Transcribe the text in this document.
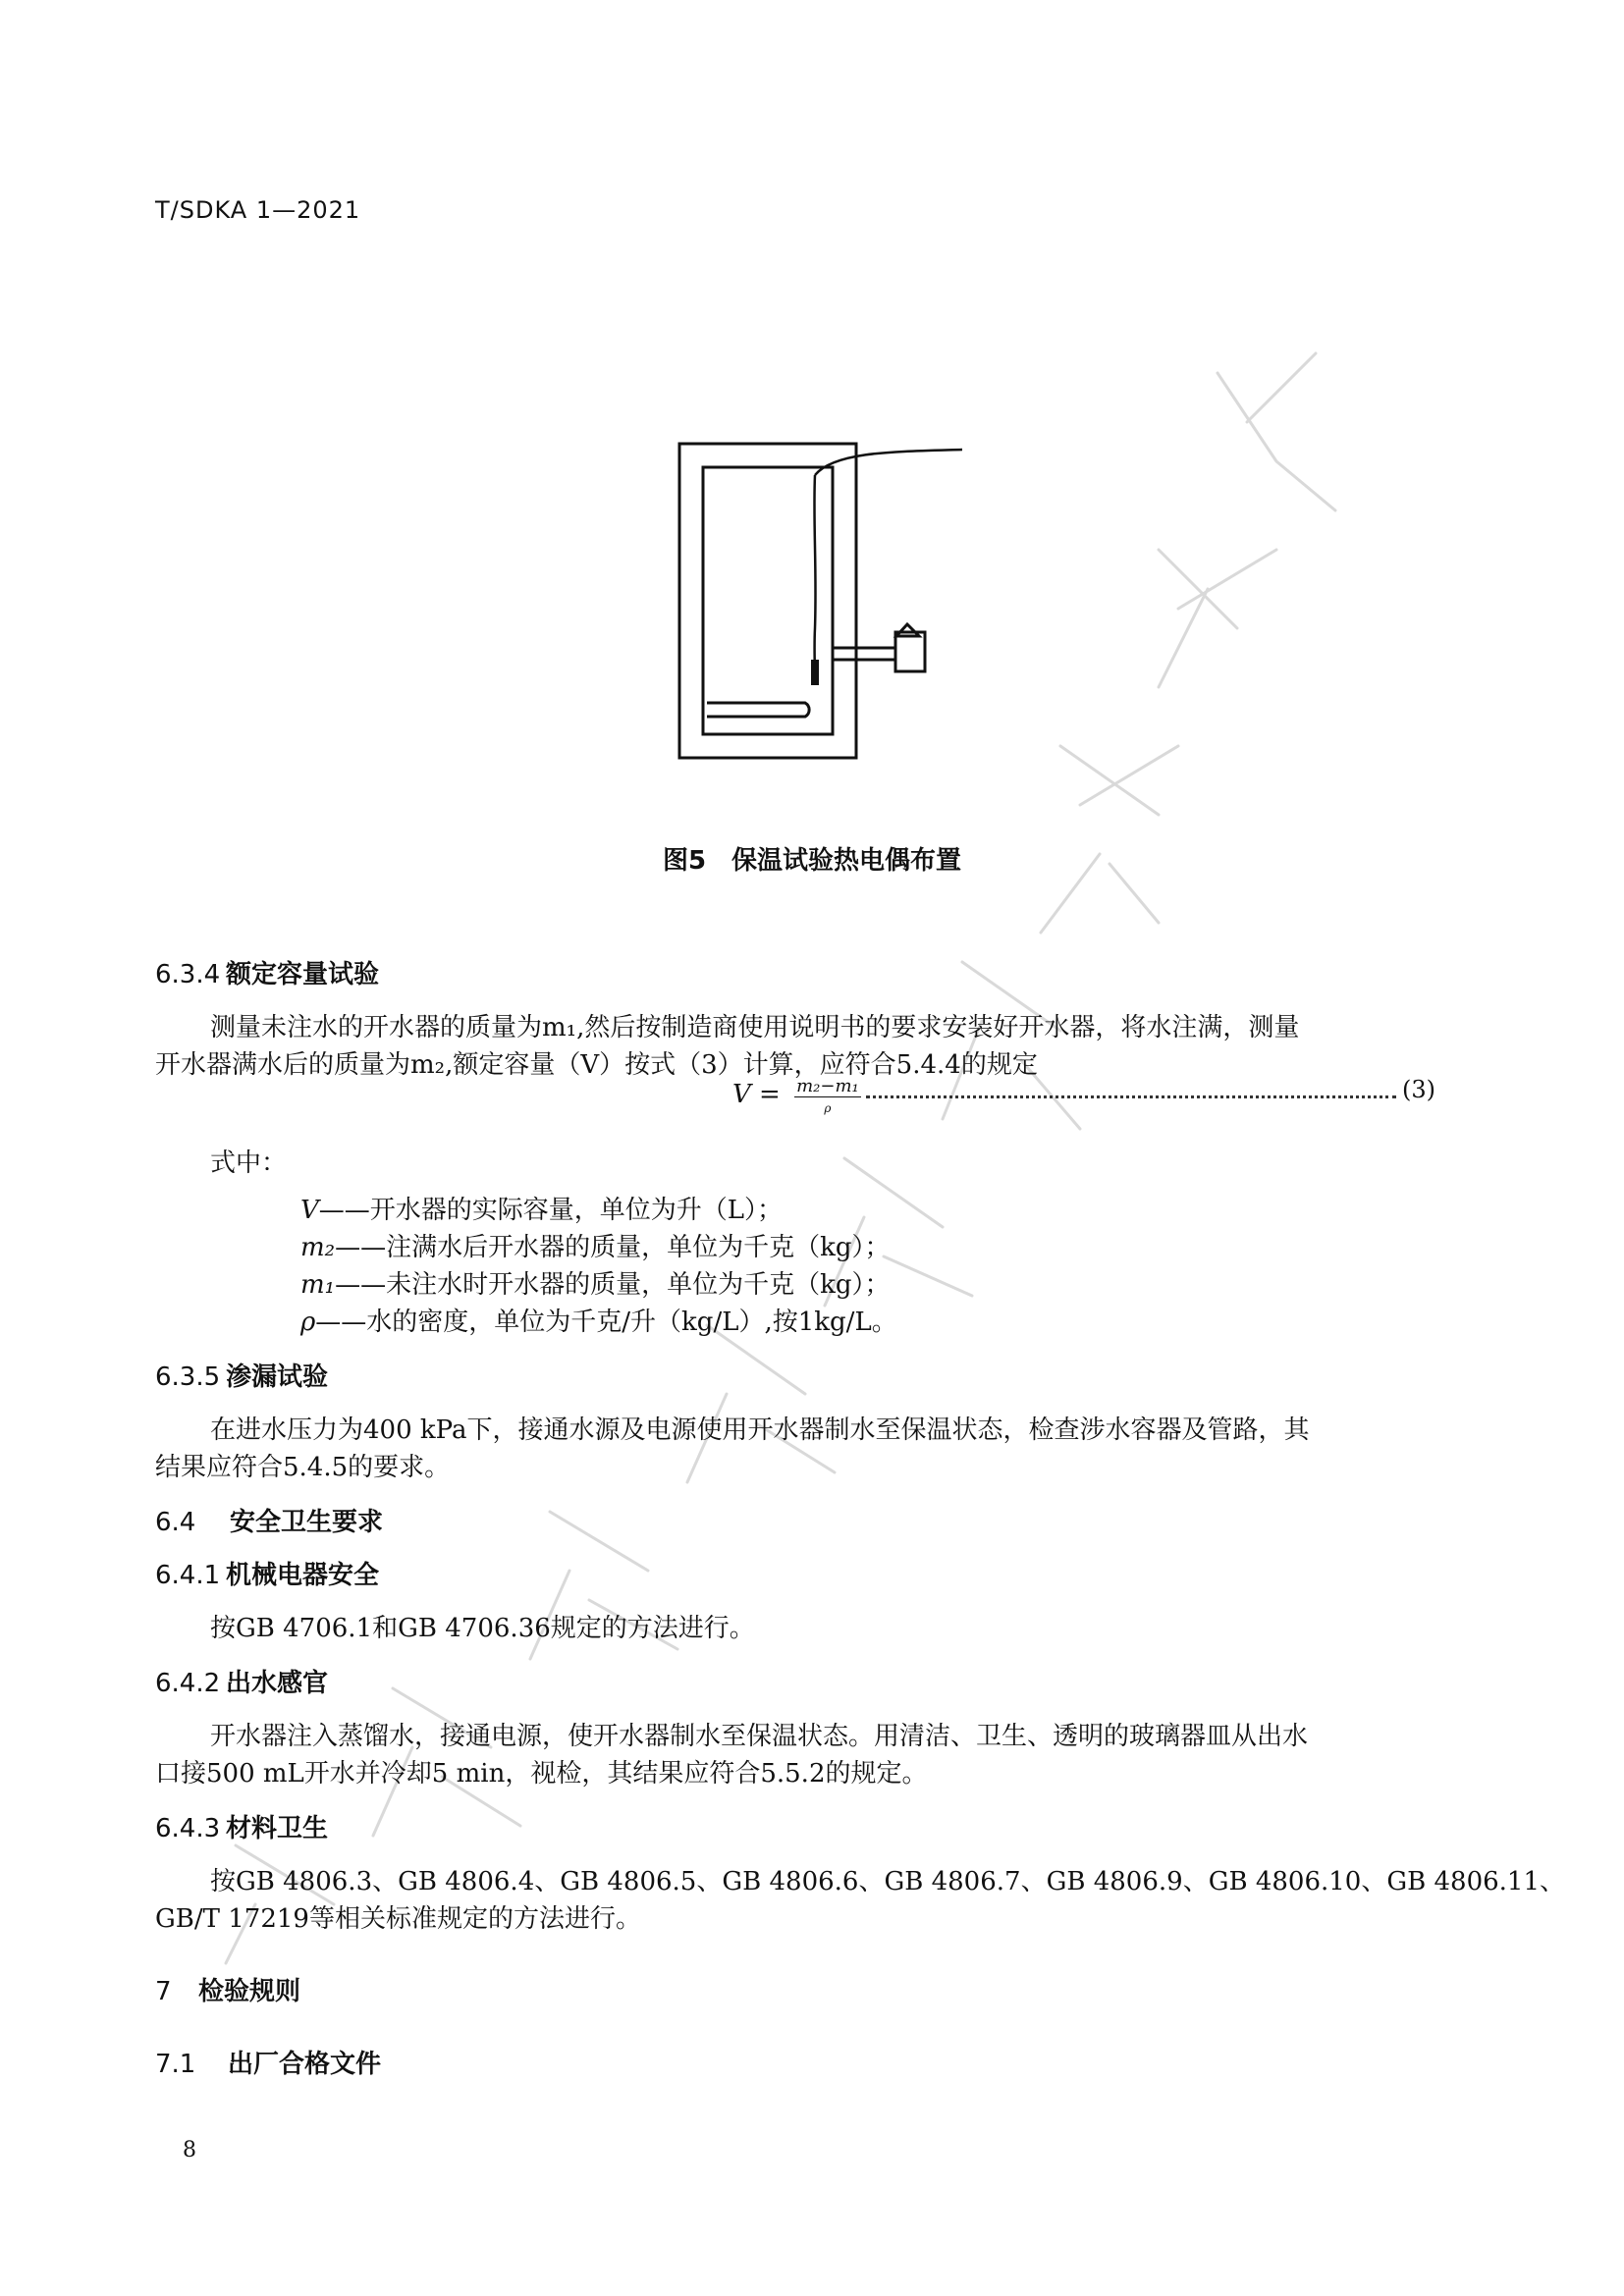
T/SDKA 1—2021
图5　保温试验热电偶布置
6.3.4 额定容量试验
测量未注水的开水器的质量为m₁,然后按制造商使用说明书的要求安装好开水器，将水注满，测量
开水器满水后的质量为m₂,额定容量（V）按式（3）计算，应符合5.4.4的规定
$V = \frac{\text{m₂−m₁}}{\rho}$	(3)
式中：
V——开水器的实际容量，单位为升（L）；
m₂——注满水后开水器的质量，单位为千克（kg）；
m₁——未注水时开水器的质量，单位为千克（kg）；
ρ——水的密度，单位为千克/升（kg/L）,按1kg/L。
6.3.5 渗漏试验
在进水压力为400 kPa下，接通水源及电源使用开水器制水至保温状态，检查涉水容器及管路，其
结果应符合5.4.5的要求。
6.4 安全卫生要求
6.4.1 机械电器安全
按GB 4706.1和GB 4706.36规定的方法进行。
6.4.2 出水感官
开水器注入蒸馏水，接通电源，使开水器制水至保温状态。用清洁、卫生、透明的玻璃器皿从出水
口接500 mL开水并冷却5 min，视检，其结果应符合5.5.2的规定。
6.4.3 材料卫生
按GB 4806.3、GB 4806.4、GB 4806.5、GB 4806.6、GB 4806.7、GB 4806.9、GB 4806.10、GB 4806.11、
GB/T 17219等相关标准规定的方法进行。
7 检验规则
7.1 出厂合格文件
8
